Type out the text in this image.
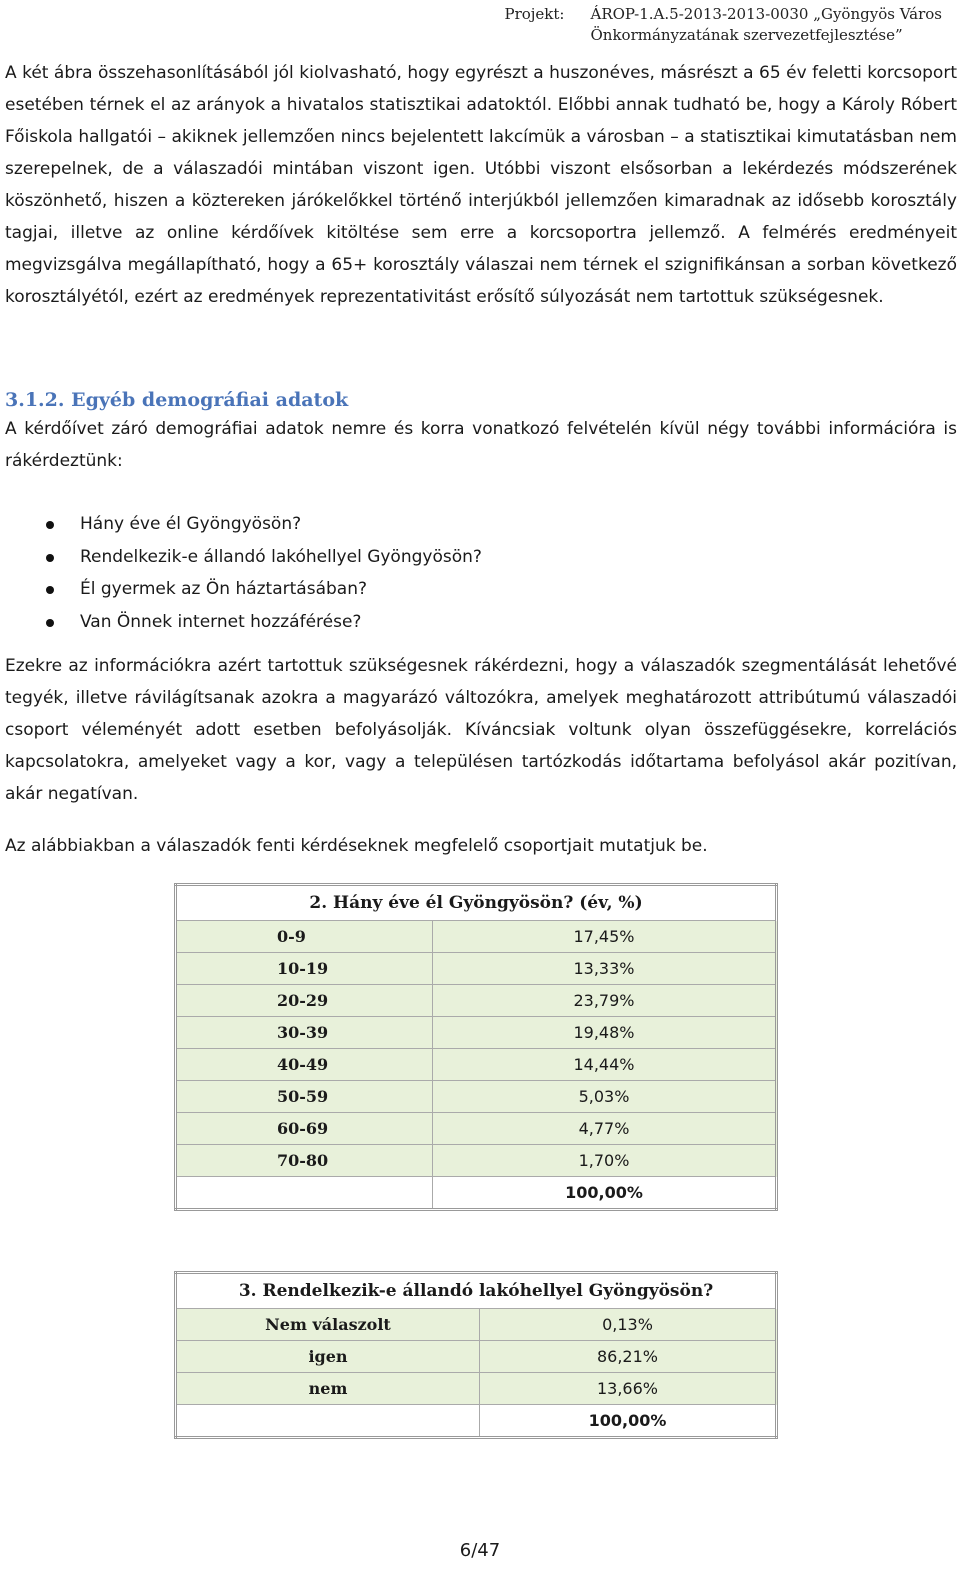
Projekt:	ÁROP-1.A.5-2013-2013-0030 „Gyöngyös Város
Önkormányzatának szervezetfejlesztése”

A két ábra összehasonlításából jól kiolvasható, hogy egyrészt a huszonéves, másrészt a 65 év feletti korcsoport esetében térnek el az arányok a hivatalos statisztikai adatoktól. Előbbi annak tudható be, hogy a Károly Róbert Főiskola hallgatói – akiknek jellemzően nincs bejelentett lakcímük a városban – a statisztikai kimutatásban nem szerepelnek, de a válaszadói mintában viszont igen. Utóbbi viszont elsősorban a lekérdezés módszerének köszönhető, hiszen a köztereken járókelőkkel történő interjúkból jellemzően kimaradnak az idősebb korosztály tagjai, illetve az online kérdőívek kitöltése sem erre a korcsoportra jellemző. A felmérés eredményeit megvizsgálva megállapítható, hogy a 65+ korosztály válaszai nem térnek el szignifikánsan a sorban következő korosztályétól, ezért az eredmények reprezentativitást erősítő súlyozását nem tartottuk szükségesnek.

3.1.2. Egyéb demográfiai adatok

A kérdőívet záró demográfiai adatok nemre és korra vonatkozó felvételén kívül négy további információra is rákérdeztünk:

Hány éve él Gyöngyösön?
Rendelkezik-e állandó lakóhellyel Gyöngyösön?
Él gyermek az Ön háztartásában?
Van Önnek internet hozzáférése?

Ezekre az információkra azért tartottuk szükségesnek rákérdezni, hogy a válaszadók szegmentálását lehetővé tegyék, illetve rávilágítsanak azokra a magyarázó változókra, amelyek meghatározott attribútumú válaszadói csoport véleményét adott esetben befolyásolják. Kíváncsiak voltunk olyan összefüggésekre, korrelációs kapcsolatokra, amelyeket vagy a kor, vagy a településen tartózkodás időtartama befolyásol akár pozitívan, akár negatívan.

Az alábbiakban a válaszadók fenti kérdéseknek megfelelő csoportjait mutatjuk be.

2. Hány éve él Gyöngyösön? (év, %)	
0-9	17,45%
10-19	13,33%
20-29	23,79%
30-39	19,48%
40-49	14,44%
50-59	5,03%
60-69	4,77%
70-80	1,70%
	100,00%
3. Rendelkezik-e állandó lakóhellyel Gyöngyösön?	
Nem válaszolt	0,13%
igen	86,21%
nem	13,66%
	100,00%
6/47
